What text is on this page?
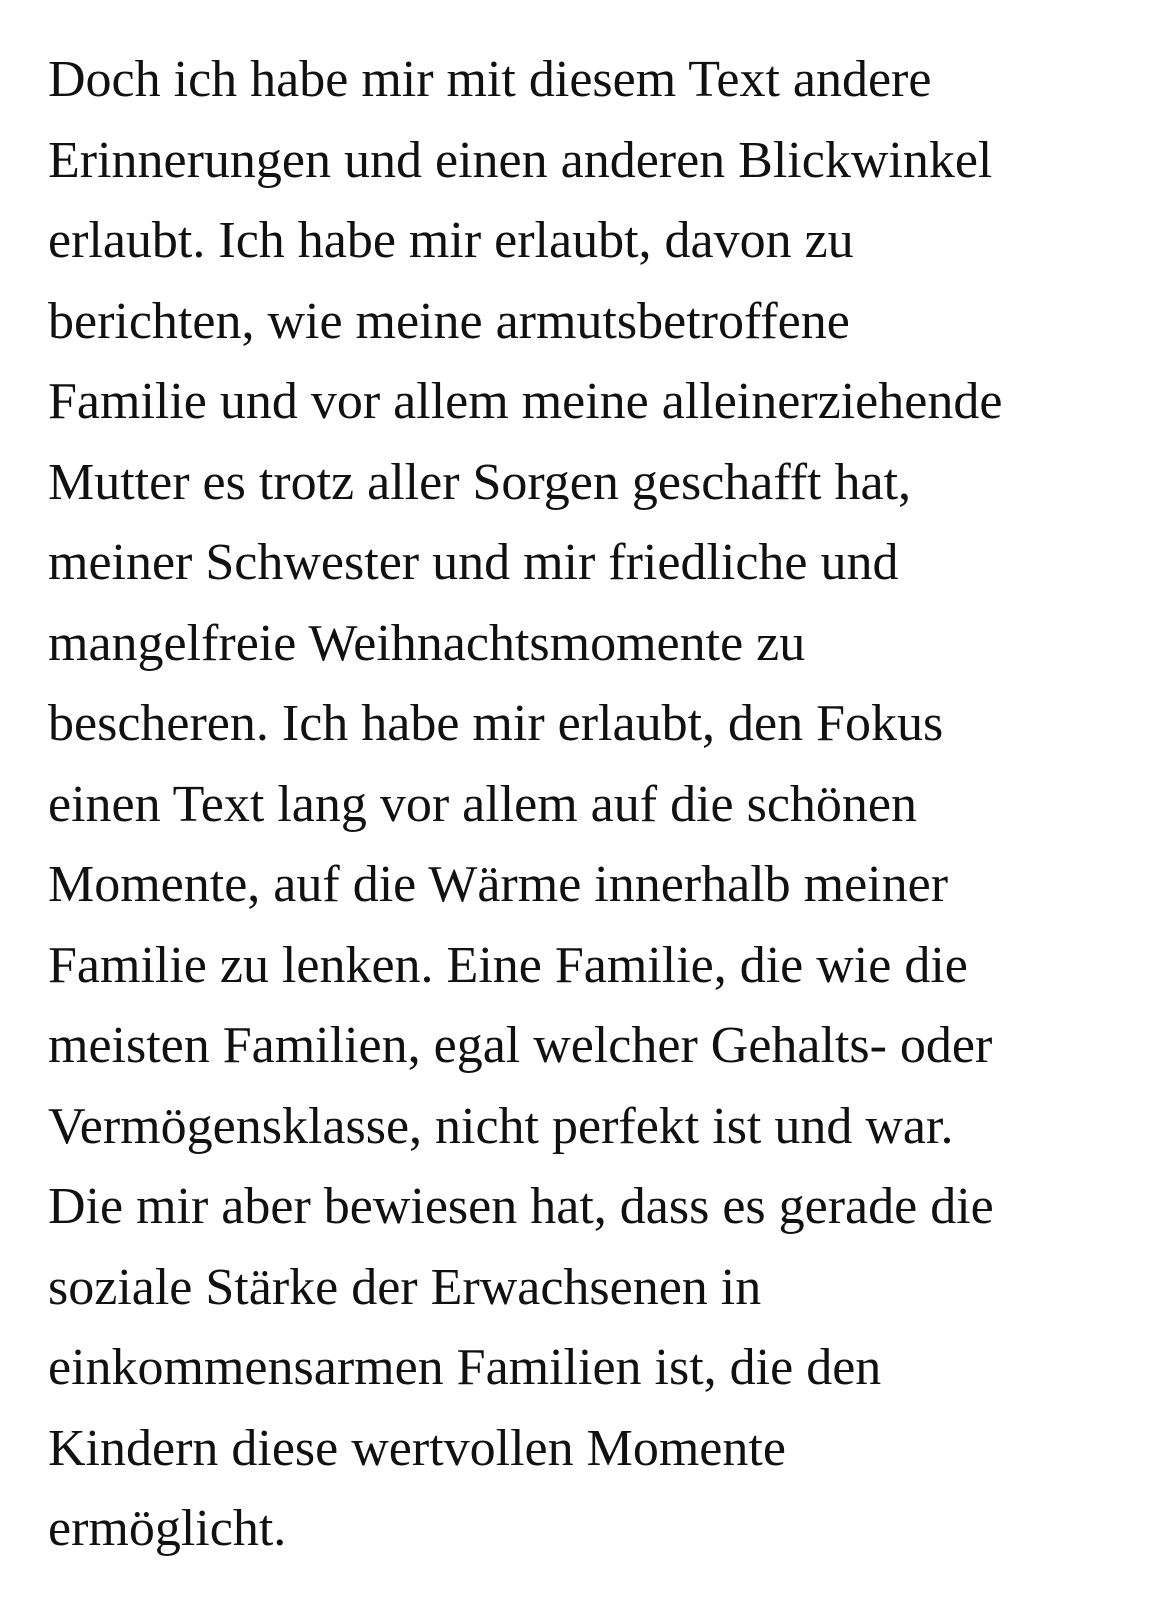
Doch ich habe mir mit diesem Text andere
Erinnerungen und einen anderen Blickwinkel
erlaubt. Ich habe mir erlaubt, davon zu
berichten, wie meine armutsbetroffene
Familie und vor allem meine alleinerziehende
Mutter es trotz aller Sorgen geschafft hat,
meiner Schwester und mir friedliche und
mangelfreie Weihnachtsmomente zu
bescheren. Ich habe mir erlaubt, den Fokus
einen Text lang vor allem auf die schönen
Momente, auf die Wärme innerhalb meiner
Familie zu lenken. Eine Familie, die wie die
meisten Familien, egal welcher Gehalts- oder
Vermögensklasse, nicht perfekt ist und war.
Die mir aber bewiesen hat, dass es gerade die
soziale Stärke der Erwachsenen in
einkommensarmen Familien ist, die den
Kindern diese wertvollen Momente
ermöglicht.
